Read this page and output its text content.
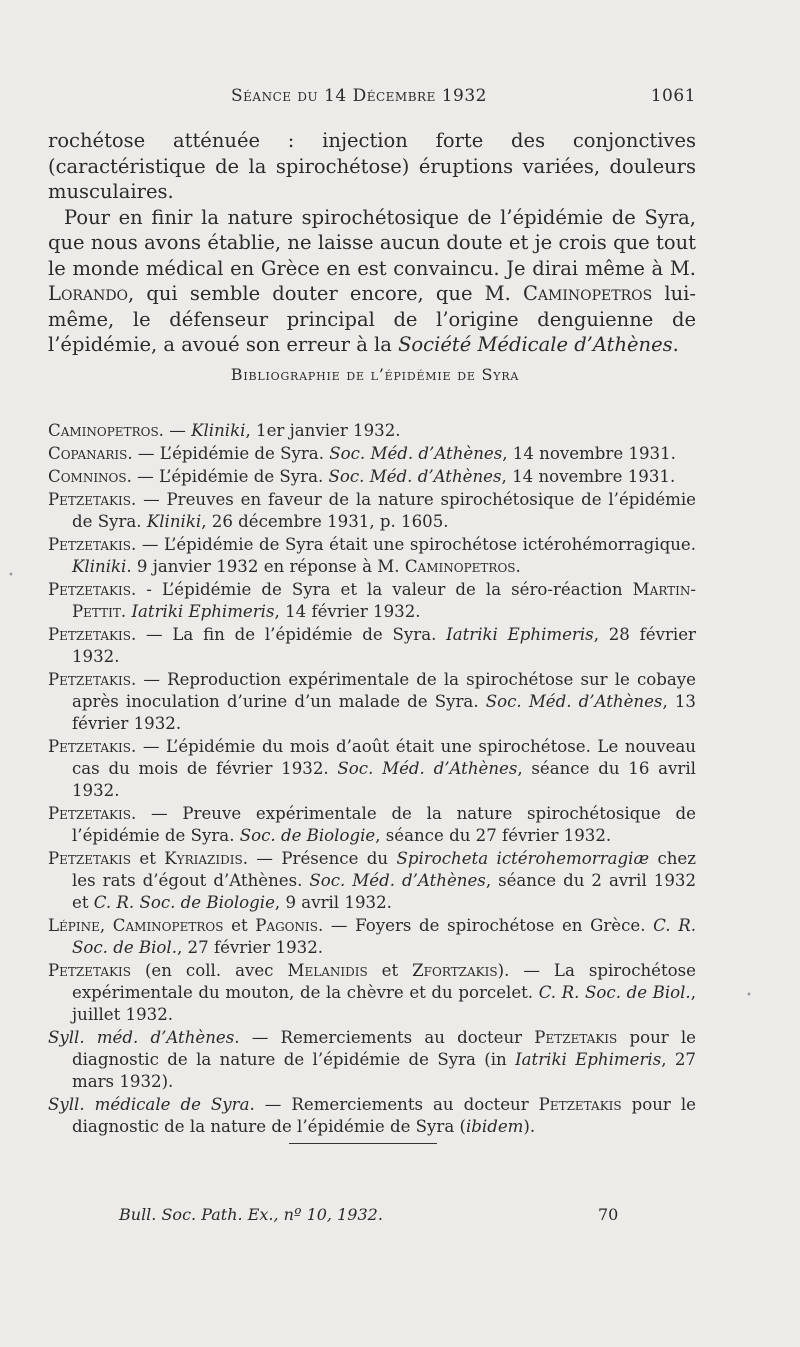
Séance du 14 Décembre 1932	1061

rochétose atténuée : injection forte des conjonctives (caractéristique de la spirochétose) éruptions variées, douleurs musculaires.

Pour en finir la nature spirochétosique de l’épidémie de Syra, que nous avons établie, ne laisse aucun doute et je crois que tout le monde médical en Grèce en est convaincu. Je dirai même à M. Lorando, qui semble douter encore, que M. Caminopetros lui-même, le défenseur principal de l’origine denguienne de l’épidémie, a avoué son erreur à la Société Médicale d’Athènes.

Bibliographie de l’épidémie de Syra
Caminopetros. — Kliniki, 1er janvier 1932.
Copanaris. — L’épidémie de Syra. Soc. Méd. d’Athènes, 14 novembre 1931.
Comninos. — L’épidémie de Syra. Soc. Méd. d’Athènes, 14 novembre 1931.
Petzetakis. — Preuves en faveur de la nature spirochétosique de l’épidémie de Syra. Kliniki, 26 décembre 1931, p. 1605.
Petzetakis. — L’épidémie de Syra était une spirochétose ictérohémorragique. Kliniki. 9 janvier 1932 en réponse à M. Caminopetros.
Petzetakis. - L’épidémie de Syra et la valeur de la séro-réaction Martin-Pettit. Iatriki Ephimeris, 14 février 1932.
Petzetakis. — La fin de l’épidémie de Syra. Iatriki Ephimeris, 28 février 1932.
Petzetakis. — Reproduction expérimentale de la spirochétose sur le cobaye après inoculation d’urine d’un malade de Syra. Soc. Méd. d’Athènes, 13 février 1932.
Petzetakis. — L’épidémie du mois d’août était une spirochétose. Le nouveau cas du mois de février 1932. Soc. Méd. d’Athènes, séance du 16 avril 1932.
Petzetakis. — Preuve expérimentale de la nature spirochétosique de l’épidémie de Syra. Soc. de Biologie, séance du 27 février 1932.
Petzetakis et Kyriazidis. — Présence du Spirocheta ictérohemorragiæ chez les rats d’égout d’Athènes. Soc. Méd. d’Athènes, séance du 2 avril 1932 et C. R. Soc. de Biologie, 9 avril 1932.
Lépine, Caminopetros et Pagonis. — Foyers de spirochétose en Grèce. C. R. Soc. de Biol., 27 février 1932.
Petzetakis (en coll. avec Melanidis et Zfortzakis). — La spirochétose expérimentale du mouton, de la chèvre et du porcelet. C. R. Soc. de Biol., juillet 1932.
Syll. méd. d’Athènes. — Remerciements au docteur Petzetakis pour le diagnostic de la nature de l’épidémie de Syra (in Iatriki Ephimeris, 27 mars 1932).
Syll. médicale de Syra. — Remerciements au docteur Petzetakis pour le diagnostic de la nature de l’épidémie de Syra (ibidem).
Bull. Soc. Path. Ex., nº 10, 1932.	70
•
•
